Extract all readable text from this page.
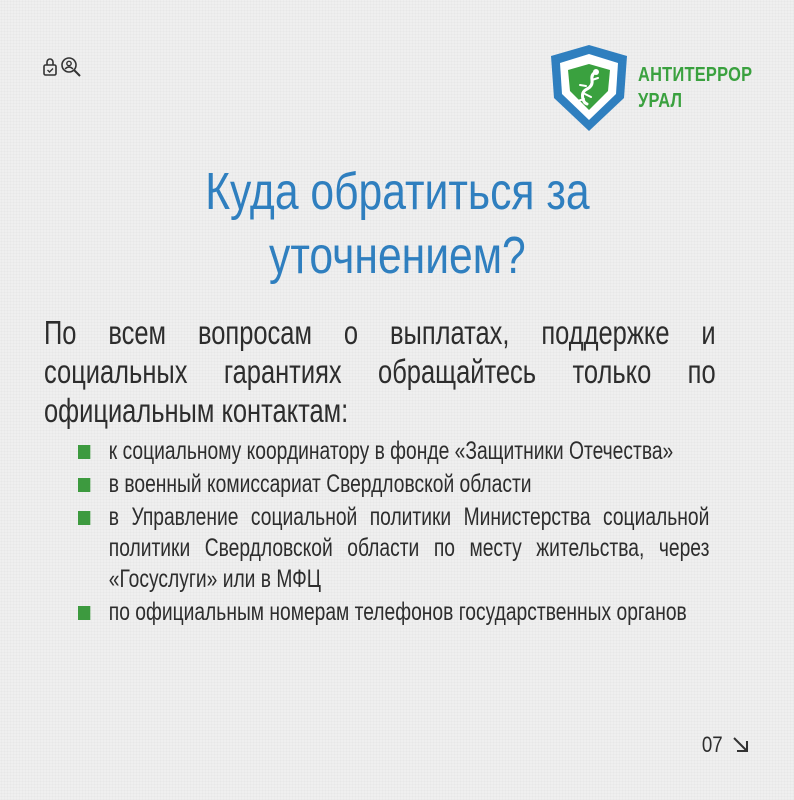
АНТИТЕРРОР
УРАЛ
Куда обратиться за
уточнением?
По всем вопросам о выплатах, поддержке и социальных гарантиях обращайтесь только по официальным контактам:
к социальному координатору в фонде «Защитники Отечества»
в военный комиссариат Свердловской области
в Управление социальной политики Министерства социальной политики Свердловской области по месту жительства, через «Госуслуги» или в МФЦ
по официальным номерам телефонов государственных органов
07
